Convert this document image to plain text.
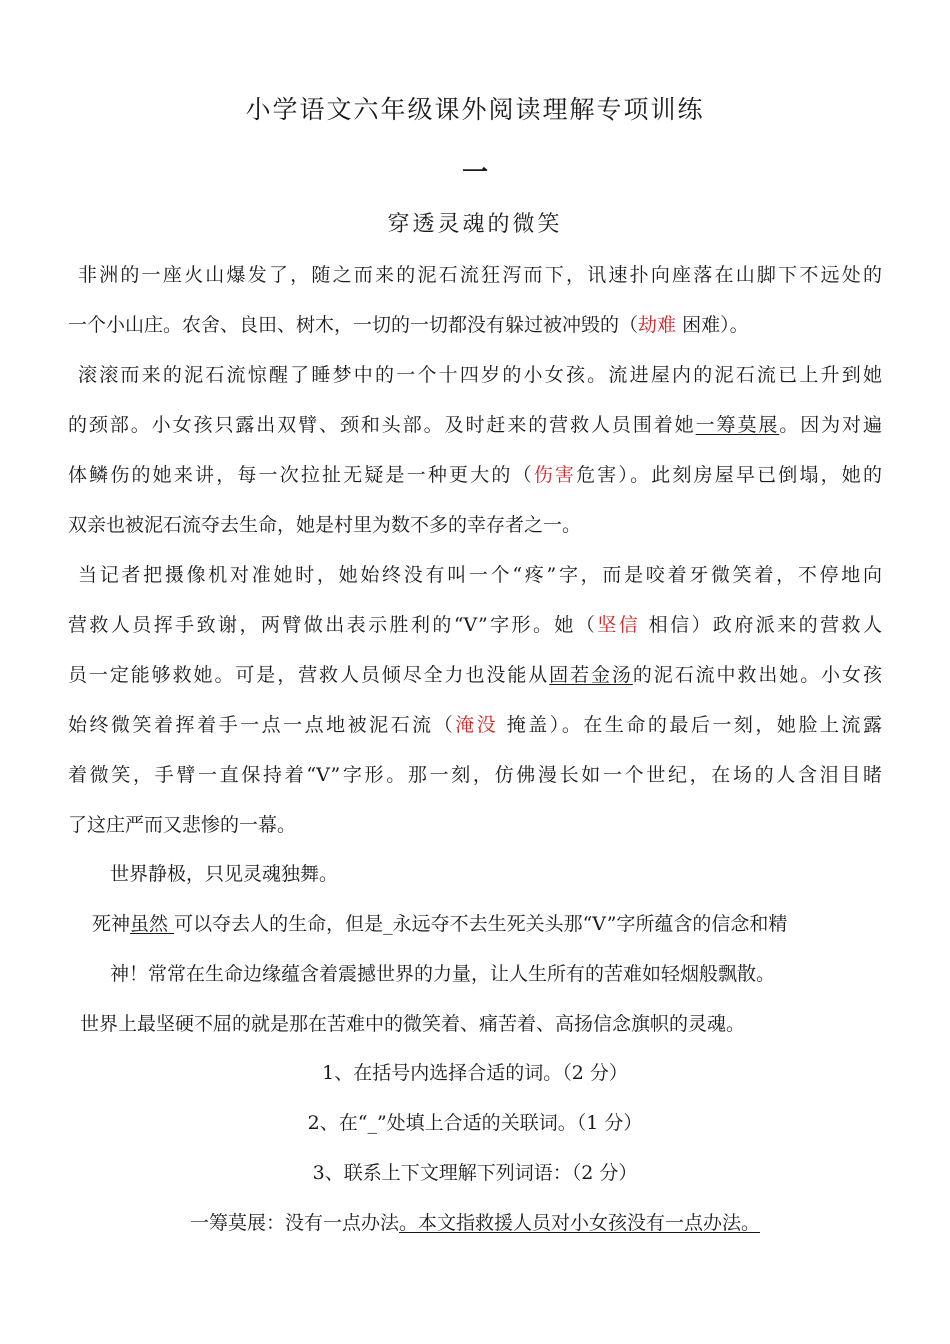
小学语文六年级课外阅读理解专项训练
一
穿透灵魂的微笑
非洲的一座火山爆发了，随之而来的泥石流狂泻而下，讯速扑向座落在山脚下不远处的
一个小山庄。农舍、良田、树木，一切的一切都没有躲过被冲毁的（劫难 困难）。
滚滚而来的泥石流惊醒了睡梦中的一个十四岁的小女孩。流进屋内的泥石流已上升到她
的颈部。小女孩只露出双臂、颈和头部。及时赶来的营救人员围着她一筹莫展。因为对遍
体鳞伤的她来讲，每一次拉扯无疑是一种更大的（伤害危害）。此刻房屋早已倒塌，她的
双亲也被泥石流夺去生命，她是村里为数不多的幸存者之一。
当记者把摄像机对准她时，她始终没有叫一个“疼”字，而是咬着牙微笑着，不停地向
营救人员挥手致谢，两臂做出表示胜利的“V”字形。她（坚信 相信）政府派来的营救人
员一定能够救她。可是，营救人员倾尽全力也没能从固若金汤的泥石流中救出她。小女孩
始终微笑着挥着手一点一点地被泥石流（淹没 掩盖）。在生命的最后一刻，她脸上流露
着微笑，手臂一直保持着“V”字形。那一刻，仿佛漫长如一个世纪，在场的人含泪目睹
了这庄严而又悲惨的一幕。
世界静极，只见灵魂独舞。
死神虽然 可以夺去人的生命，但是_永远夺不去生死关头那“V”字所蕴含的信念和精
神！常常在生命边缘蕴含着震撼世界的力量，让人生所有的苦难如轻烟般飘散。
世界上最坚硬不屈的就是那在苦难中的微笑着、痛苦着、高扬信念旗帜的灵魂。
1、在括号内选择合适的词。（2 分）
2、在“_”处填上合适的关联词。（1 分）
3、联系上下文理解下列词语：（2 分）
一筹莫展：没有一点办法。本文指救援人员对小女孩没有一点办法。
